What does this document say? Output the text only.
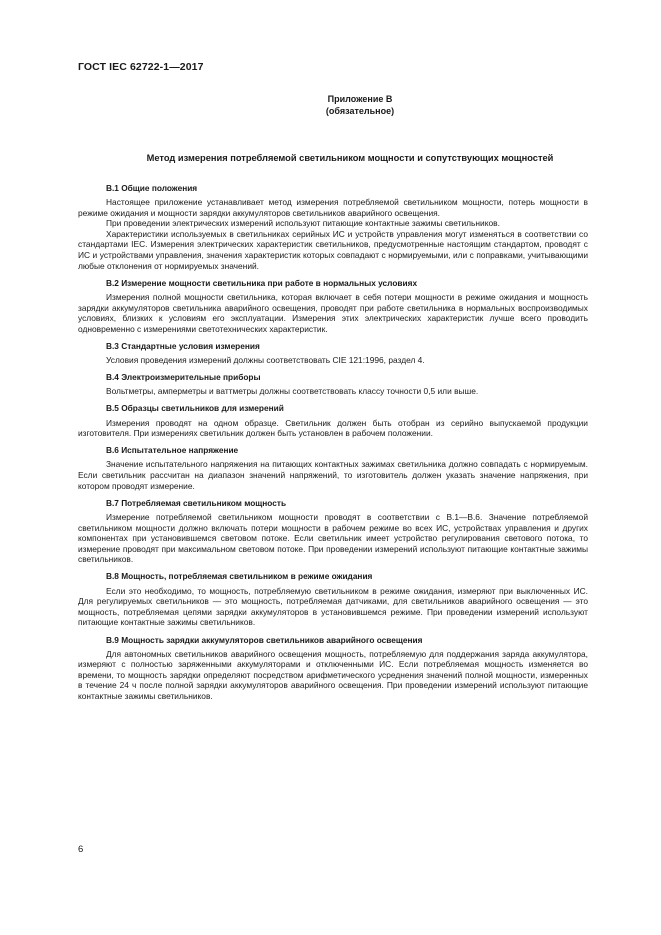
ГОСТ IEC 62722-1—2017
Приложение В
(обязательное)
Метод измерения потребляемой светильником мощности и сопутствующих мощностей
В.1 Общие положения

Настоящее приложение устанавливает метод измерения потребляемой светильником мощности, потерь мощности в режиме ожидания и мощности зарядки аккумуляторов светильников аварийного освещения.

При проведении электрических измерений используют питающие контактные зажимы светильников.

Характеристики используемых в светильниках серийных ИС и устройств управления могут изменяться в соответствии со стандартами IEC. Измерения электрических характеристик светильников, предусмотренные настоящим стандартом, проводят с ИС и устройствами управления, значения характеристик которых совпадают с нормируемыми, или с поправками, учитывающими любые отклонения от нормируемых значений.

В.2 Измерение мощности светильника при работе в нормальных условиях

Измерения полной мощности светильника, которая включает в себя потери мощности в режиме ожидания и мощность зарядки аккумуляторов светильника аварийного освещения, проводят при работе светильника в нормальных воспроизводимых условиях, близких к условиям его эксплуатации. Измерения этих электрических характеристик лучше всего проводить одновременно с измерениями светотехнических характеристик.

В.3 Стандартные условия измерения

Условия проведения измерений должны соответствовать CIE 121:1996, раздел 4.

В.4 Электроизмерительные приборы

Вольтметры, амперметры и ваттметры должны соответствовать классу точности 0,5 или выше.

В.5 Образцы светильников для измерений

Измерения проводят на одном образце. Светильник должен быть отобран из серийно выпускаемой продукции изготовителя. При измерениях светильник должен быть установлен в рабочем положении.

В.6 Испытательное напряжение

Значение испытательного напряжения на питающих контактных зажимах светильника должно совпадать с нормируемым. Если светильник рассчитан на диапазон значений напряжений, то изготовитель должен указать значение напряжения, при котором проводят измерение.

В.7 Потребляемая светильником мощность

Измерение потребляемой светильником мощности проводят в соответствии с В.1—В.6. Значение потребляемой светильником мощности должно включать потери мощности в рабочем режиме во всех ИС, устройствах управления и других компонентах при установившемся световом потоке. Если светильник имеет устройство регулирования светового потока, то измерение проводят при максимальном световом потоке. При проведении измерений используют питающие контактные зажимы светильников.

В.8 Мощность, потребляемая светильником в режиме ожидания

Если это необходимо, то мощность, потребляемую светильником в режиме ожидания, измеряют при выключенных ИС. Для регулируемых светильников — это мощность, потребляемая датчиками, для светильников аварийного освещения — это мощность, потребляемая цепями зарядки аккумуляторов в установившемся режиме. При проведении измерений используют питающие контактные зажимы светильников.

В.9 Мощность зарядки аккумуляторов светильников аварийного освещения

Для автономных светильников аварийного освещения мощность, потребляемую для поддержания заряда аккумулятора, измеряют с полностью заряженными аккумуляторами и отключенными ИС. Если потребляемая мощность изменяется во времени, то мощность зарядки определяют посредством арифметического усреднения значений полной мощности, измеренных в течение 24 ч после полной зарядки аккумуляторов аварийного освещения. При проведении измерений используют питающие контактные зажимы светильников.

6
